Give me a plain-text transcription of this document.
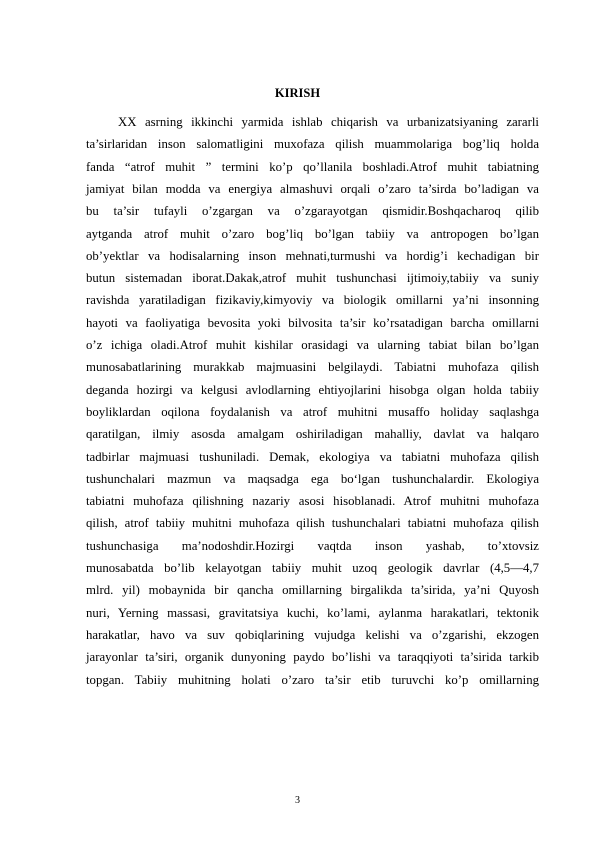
KIRISH
XX asrning ikkinchi yarmida ishlab chiqarish va urbanizatsiyaning zararli
ta’sirlaridan inson salomatligini muxofaza qilish muammolariga bog’liq holda
fanda “atrof muhit ” termini ko’p qo’llanila boshladi.Atrof muhit tabiatning
jamiyat bilan modda va energiya almashuvi orqali o’zaro ta’sirda bo’ladigan va
bu ta’sir tufayli o’zgargan va o’zgarayotgan qismidir.Boshqacharoq qilib
aytganda atrof muhit o’zaro bog’liq bo’lgan tabiiy va antropogen bo’lgan
ob’yektlar va hodisalarning inson mehnati,turmushi va hordig’i kechadigan bir
butun sistemadan iborat.Dakak,atrof muhit tushunchasi ijtimoiy,tabiiy va suniy
ravishda yaratiladigan fizikaviy,kimyoviy va biologik omillarni ya’ni insonning
hayoti va faoliyatiga bevosita yoki bilvosita ta’sir ko’rsatadigan barcha omillarni
o’z ichiga oladi.Atrof muhit kishilar orasidagi va ularning tabiat bilan bo’lgan
munosabatlarining murakkab majmuasini belgilaydi. Tabiatni muhofaza qilish
deganda hozirgi va kelgusi avlodlarning ehtiyojlarini hisobga olgan holda tabiiy
boyliklardan oqilona foydalanish va atrof muhitni musaffo holiday saqlashga
qaratilgan, ilmiy asosda amalgam oshiriladigan mahalliy, davlat va halqaro
tadbirlar majmuasi tushuniladi. Demak, ekologiya va tabiatni muhofaza qilish
tushunchalari mazmun va maqsadga ega bo‘lgan tushunchalardir. Ekologiya
tabiatni muhofaza qilishning nazariy asosi hisoblanadi. Atrof muhitni muhofaza
qilish, atrof tabiiy muhitni muhofaza qilish tushunchalari tabiatni muhofaza qilish
tushunchasiga ma’nodoshdir.Hozirgi vaqtda inson yashab, to’xtovsiz
munosabatda bo’lib kelayotgan tabiiy muhit uzoq geologik davrlar (4,5—4,7
mlrd. yil) mobaynida bir qancha omillarning birgalikda ta’sirida, ya’ni Quyosh
nuri, Yerning massasi, gravitatsiya kuchi, ko’lami, aylanma harakatlari, tektonik
harakatlar, havo va suv qobiqlarining vujudga kelishi va o’zgarishi, ekzogen
jarayonlar ta’siri, organik dunyoning paydo bo’lishi va taraqqiyoti ta’sirida tarkib
topgan. Tabiiy muhitning holati o’zaro ta’sir etib turuvchi ko’p omillarning
3
